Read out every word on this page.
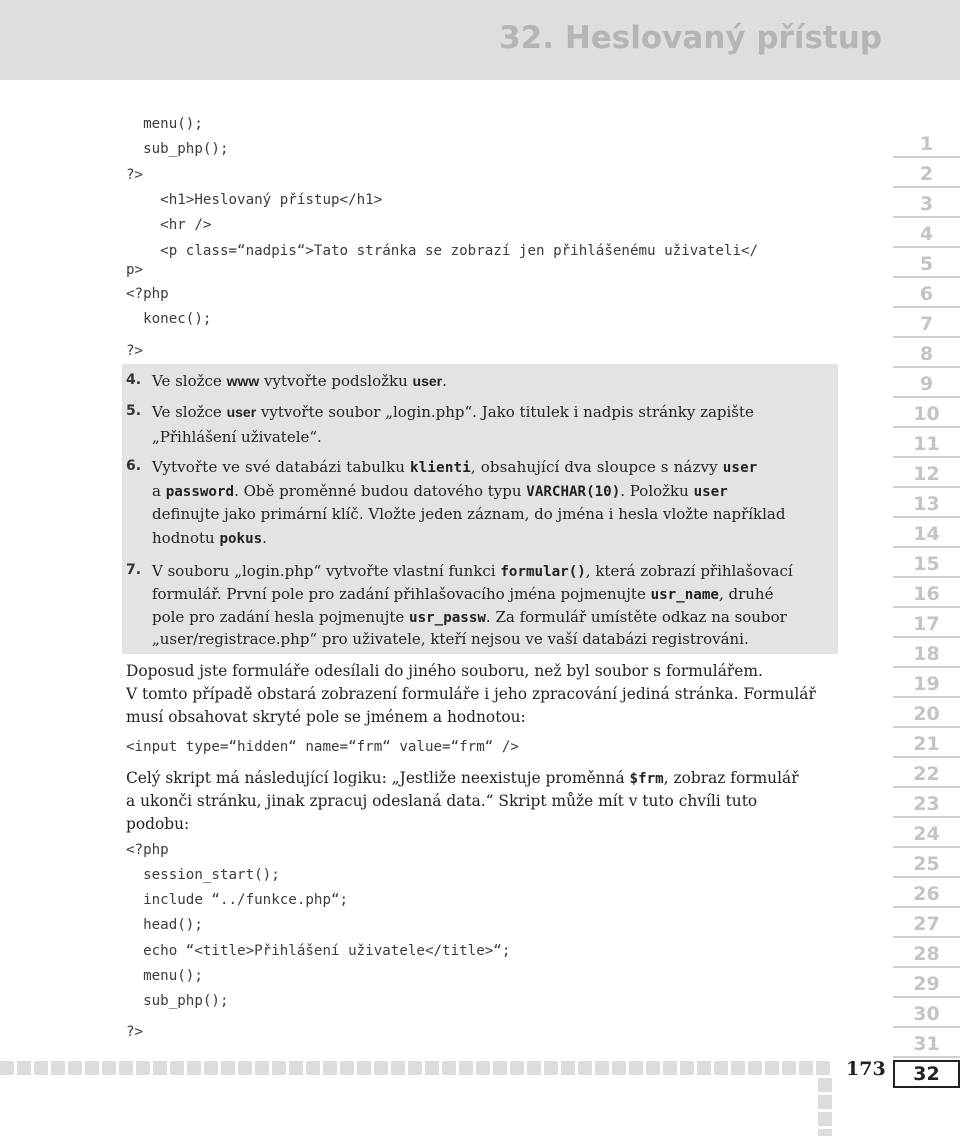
32. Heslovaný přístup
menu();
sub_php();
?>
<h1>Heslovaný přístup</h1>
<hr />
<p class=“nadpis“>Tato stránka se zobrazí jen přihlášenému uživateli</
p>
<?php
konec();
?>
4. Ve složce www vytvořte podsložku user.
5. Ve složce user vytvořte soubor „login.php“. Jako titulek i nadpis stránky zapište
„Přihlášení uživatele“.
6. Vytvořte ve své databázi tabulku klienti, obsahující dva sloupce s názvy user
a password. Obě proměnné budou datového typu VARCHAR(10). Položku user
definujte jako primární klíč. Vložte jeden záznam, do jména i hesla vložte například
hodnotu pokus.
7. V souboru „login.php“ vytvořte vlastní funkci formular(), která zobrazí přihlašovací
formulář. První pole pro zadání přihlašovacího jména pojmenujte usr_name, druhé
pole pro zadání hesla pojmenujte usr_passw. Za formulář umístěte odkaz na soubor
„user/registrace.php“ pro uživatele, kteří nejsou ve vaší databázi registrováni.
Doposud jste formuláře odesílali do jiného souboru, než byl soubor s formulářem.
V tomto případě obstará zobrazení formuláře i jeho zpracování jediná stránka. Formulář
musí obsahovat skryté pole se jménem a hodnotou:
<input type=“hidden“ name=“frm“ value=“frm“ />
Celý skript má následující logiku: „Jestliže neexistuje proměnná $frm, zobraz formulář
a ukonči stránku, jinak zpracuj odeslaná data.“ Skript může mít v tuto chvíli tuto
podobu:
<?php
session_start();
include “../funkce.php“;
head();
echo “<title>Přihlášení uživatele</title>“;
menu();
sub_php();
?>
1
2
3
4
5
6
7
8
9
10
11
12
13
14
15
16
17
18
19
20
21
22
23
24
25
26
27
28
29
30
31
32
173
